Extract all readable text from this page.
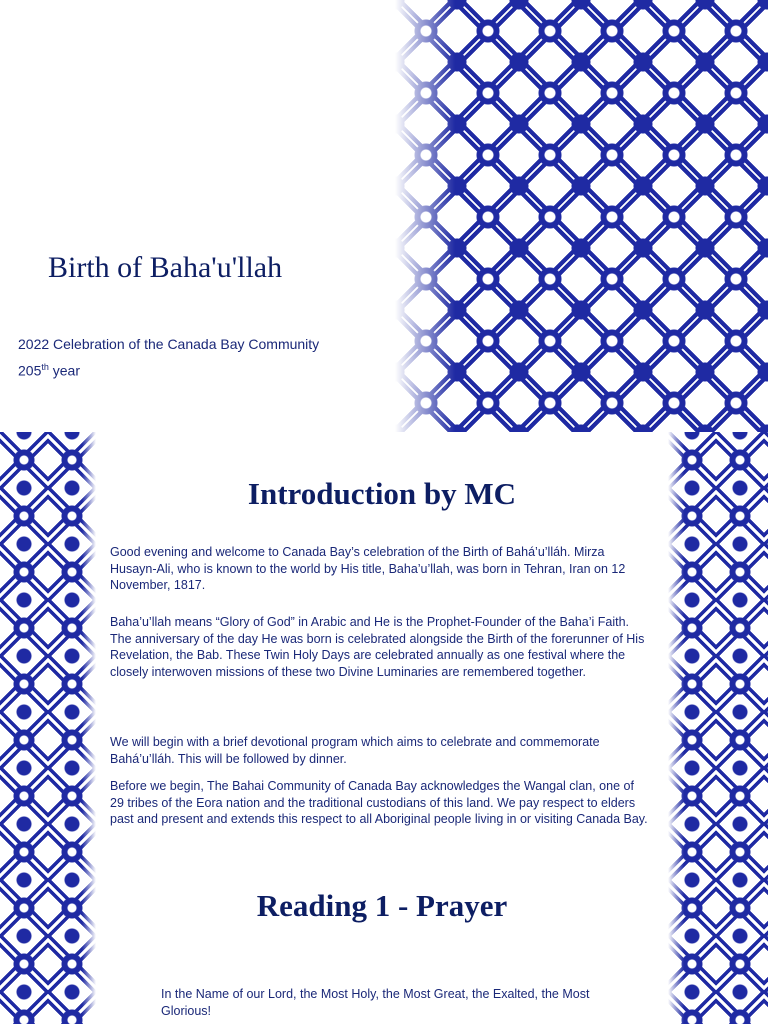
Birth of Baha'u'llah

2022 Celebration of the Canada Bay Community

205th year

Introduction by MC

Good evening and welcome to Canada Bay’s celebration of the Birth of Bahá’u’lláh. Mirza Husayn-Ali, who is known to the world by His title, Baha’u’llah, was born in Tehran, Iran on 12 November, 1817.

Baha’u’llah means “Glory of God” in Arabic and He is the Prophet-Founder of the Baha’i Faith. The anniversary of the day He was born is celebrated alongside the Birth of the forerunner of His Revelation, the Bab. These Twin Holy Days are celebrated annually as one festival where the closely interwoven missions of these two Divine Luminaries are remembered together.

We will begin with a brief devotional program which aims to celebrate and commemorate Bahá’u’lláh. This will be followed by dinner.

Before we begin, The Bahai Community of Canada Bay acknowledges the Wangal clan, one of 29 tribes of the Eora nation and the traditional custodians of this land. We pay respect to elders past and present and extends this respect to all Aboriginal people living in or visiting Canada Bay.

Reading 1 - Prayer

In the Name of our Lord, the Most Holy, the Most Great, the Exalted, the Most Glorious!
